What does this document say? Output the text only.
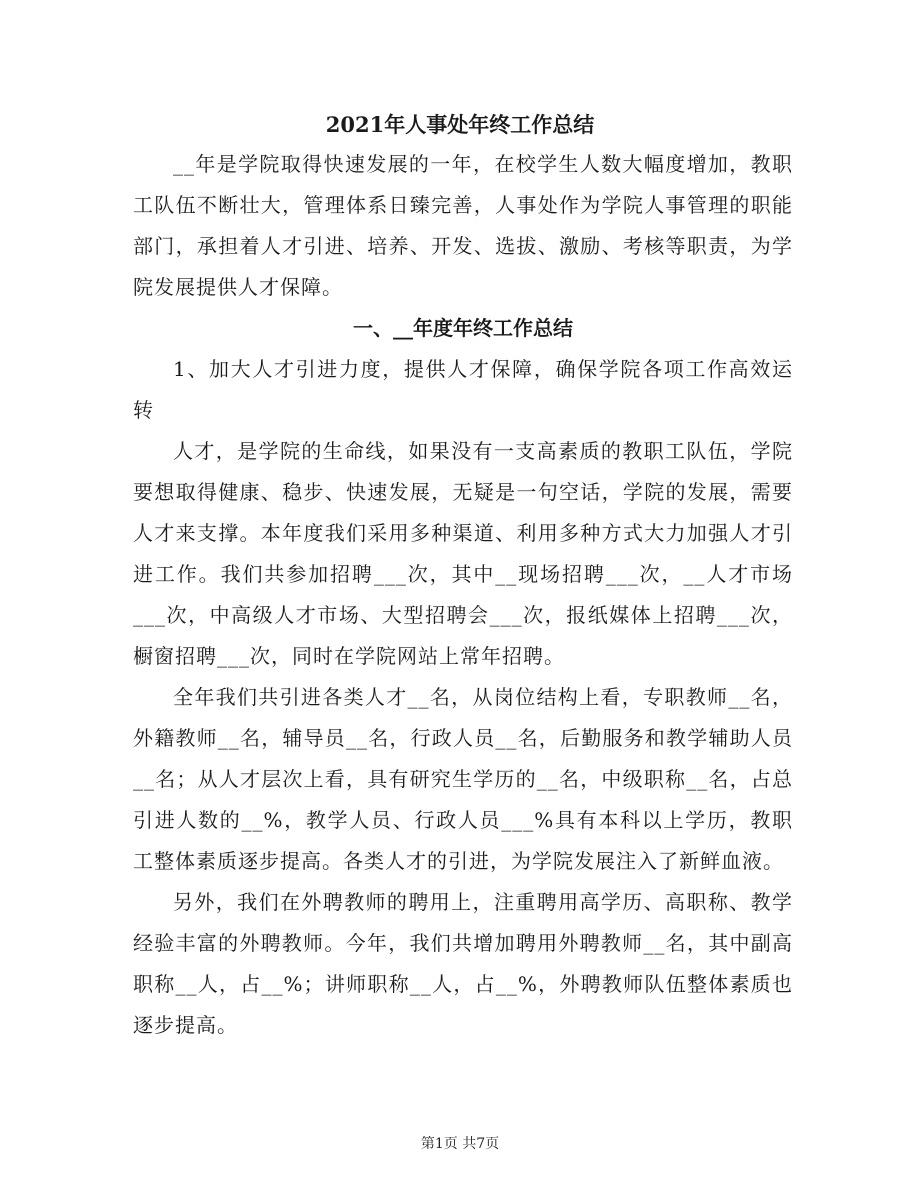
2021年人事处年终工作总结

__年是学院取得快速发展的一年，在校学生人数大幅度增加，教职工队伍不断壮大，管理体系日臻完善，人事处作为学院人事管理的职能部门，承担着人才引进、培养、开发、选拔、激励、考核等职责，为学院发展提供人才保障。

一、__年度年终工作总结

1、加大人才引进力度，提供人才保障，确保学院各项工作高效运转

人才，是学院的生命线，如果没有一支高素质的教职工队伍，学院要想取得健康、稳步、快速发展，无疑是一句空话，学院的发展，需要人才来支撑。本年度我们采用多种渠道、利用多种方式大力加强人才引进工作。我们共参加招聘___次，其中__现场招聘___次，__人才市场___次，中高级人才市场、大型招聘会___次，报纸媒体上招聘___次，橱窗招聘___次，同时在学院网站上常年招聘。

全年我们共引进各类人才__名，从岗位结构上看，专职教师__名，外籍教师__名，辅导员__名，行政人员__名，后勤服务和教学辅助人员__名；从人才层次上看，具有研究生学历的__名，中级职称__名，占总引进人数的__%，教学人员、行政人员___%具有本科以上学历，教职工整体素质逐步提高。各类人才的引进，为学院发展注入了新鲜血液。

另外，我们在外聘教师的聘用上，注重聘用高学历、高职称、教学经验丰富的外聘教师。今年，我们共增加聘用外聘教师__名，其中副高职称__人，占__%；讲师职称__人，占__%，外聘教师队伍整体素质也逐步提高。

第1页 共7页
